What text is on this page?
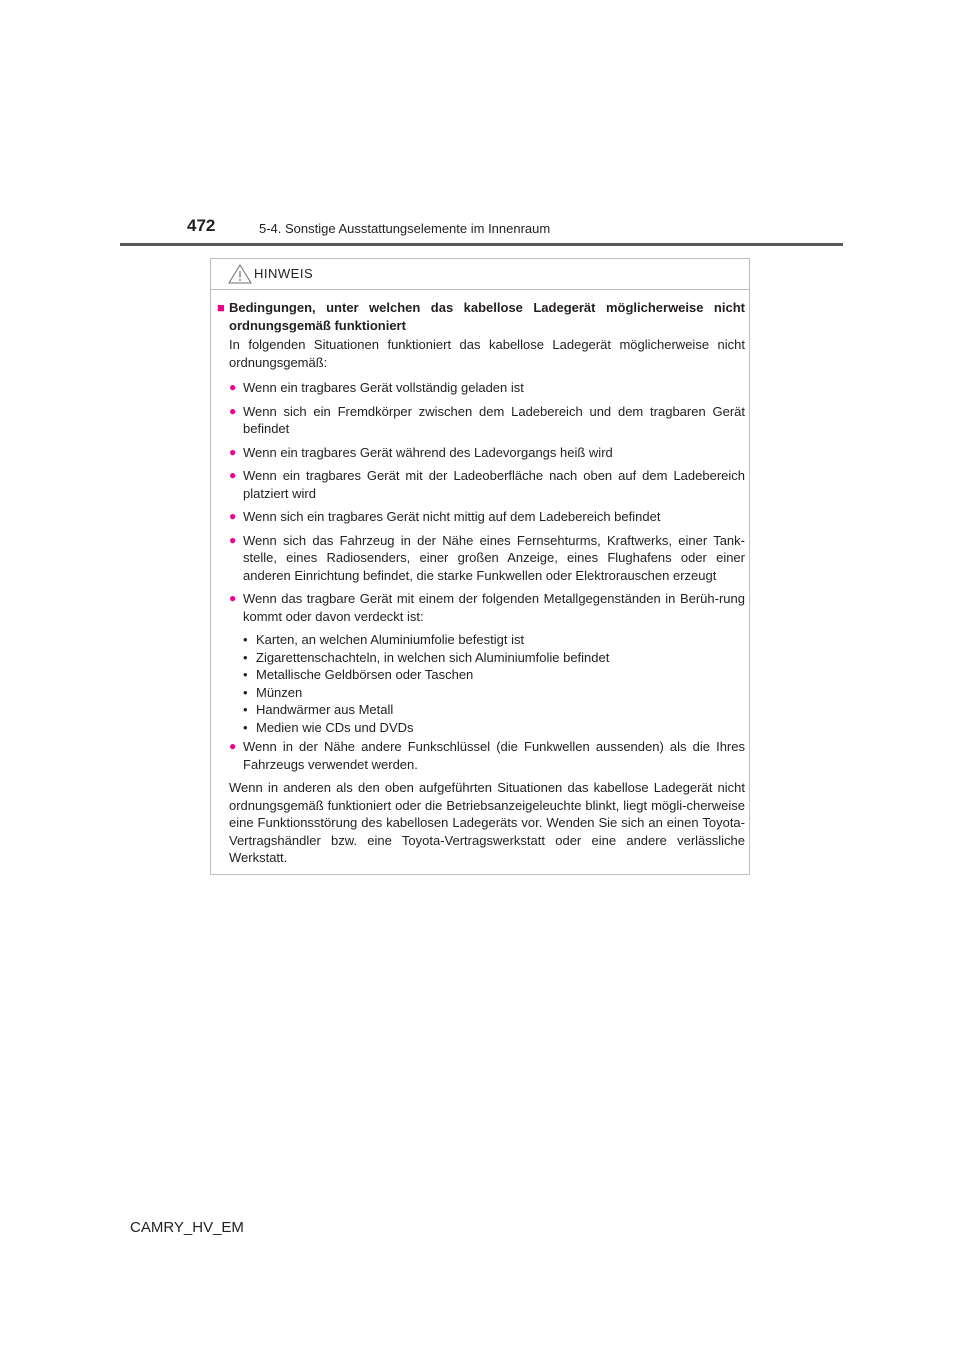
472	5-4. Sonstige Ausstattungselemente im Innenraum
HINWEIS
■ Bedingungen, unter welchen das kabellose Ladegerät möglicherweise nicht ordnungsgemäß funktioniert
In folgenden Situationen funktioniert das kabellose Ladegerät möglicherweise nicht ordnungsgemäß:
● Wenn ein tragbares Gerät vollständig geladen ist
● Wenn sich ein Fremdkörper zwischen dem Ladebereich und dem tragbaren Gerät befindet
● Wenn ein tragbares Gerät während des Ladevorgangs heiß wird
● Wenn ein tragbares Gerät mit der Ladeoberfläche nach oben auf dem Ladebereich platziert wird
● Wenn sich ein tragbares Gerät nicht mittig auf dem Ladebereich befindet
● Wenn sich das Fahrzeug in der Nähe eines Fernsehturms, Kraftwerks, einer Tank-stelle, eines Radiosenders, einer großen Anzeige, eines Flughafens oder einer anderen Einrichtung befindet, die starke Funkwellen oder Elektrorauschen erzeugt
● Wenn das tragbare Gerät mit einem der folgenden Metallgegenständen in Berüh-rung kommt oder davon verdeckt ist:
• Karten, an welchen Aluminiumfolie befestigt ist
• Zigarettenschachteln, in welchen sich Aluminiumfolie befindet
• Metallische Geldbörsen oder Taschen
• Münzen
• Handwärmer aus Metall
• Medien wie CDs und DVDs
● Wenn in der Nähe andere Funkschlüssel (die Funkwellen aussenden) als die Ihres Fahrzeugs verwendet werden.
Wenn in anderen als den oben aufgeführten Situationen das kabellose Ladegerät nicht ordnungsgemäß funktioniert oder die Betriebsanzeigeleuchte blinkt, liegt mögli-cherweise eine Funktionsstörung des kabellosen Ladegeräts vor. Wenden Sie sich an einen Toyota-Vertragshändler bzw. eine Toyota-Vertragswerkstatt oder eine andere verlässliche Werkstatt.
CAMRY_HV_EM
